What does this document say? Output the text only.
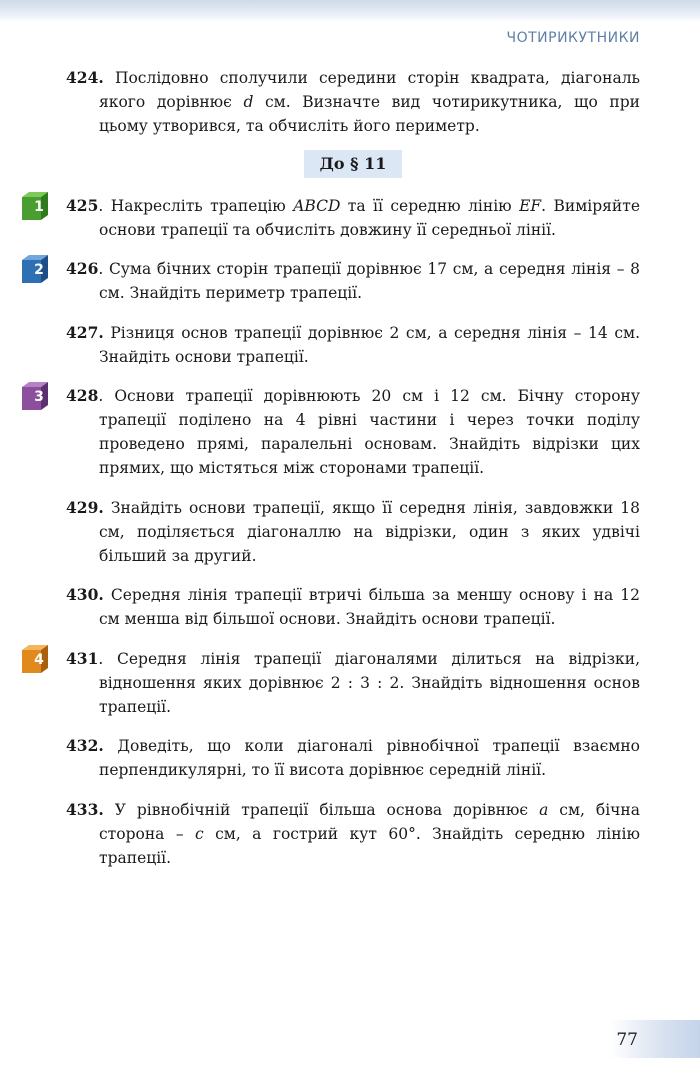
ЧОТИРИКУТНИКИ

424. Послідовно сполучили середини сторін квадрата, діагональ якого дорівнює d см. Визначте вид чотирикутника, що при цьому утворився, та обчисліть його периметр.

До § 11

1 425. Накресліть трапецію ABCD та її середню лінію EF. Виміряйте основи трапеції та обчисліть довжину її середньої лінії.

2 426. Сума бічних сторін трапеції дорівнює 17 см, а середня лінія – 8 см. Знайдіть периметр трапеції.

427. Різниця основ трапеції дорівнює 2 см, а середня лінія – 14 см. Знайдіть основи трапеції.

3 428. Основи трапеції дорівнюють 20 см і 12 см. Бічну сторону трапеції поділено на 4 рівні частини і через точки поділу проведено прямі, паралельні основам. Знайдіть відрізки цих прямих, що містяться між сторонами трапеції.

429. Знайдіть основи трапеції, якщо її середня лінія, завдовжки 18 см, поділяється діагоналлю на відрізки, один з яких удвічі більший за другий.

430. Середня лінія трапеції втричі більша за меншу основу і на 12 см менша від більшої основи. Знайдіть основи трапеції.

4 431. Середня лінія трапеції діагоналями ділиться на відрізки, відношення яких дорівнює 2 : 3 : 2. Знайдіть відношення основ трапеції.

432. Доведіть, що коли діагоналі рівнобічної трапеції взаємно перпендикулярні, то її висота дорівнює середній лінії.

433. У рівнобічній трапеції більша основа дорівнює a см, бічна сторона – c см, а гострий кут 60°. Знайдіть середню лінію трапеції.

77
